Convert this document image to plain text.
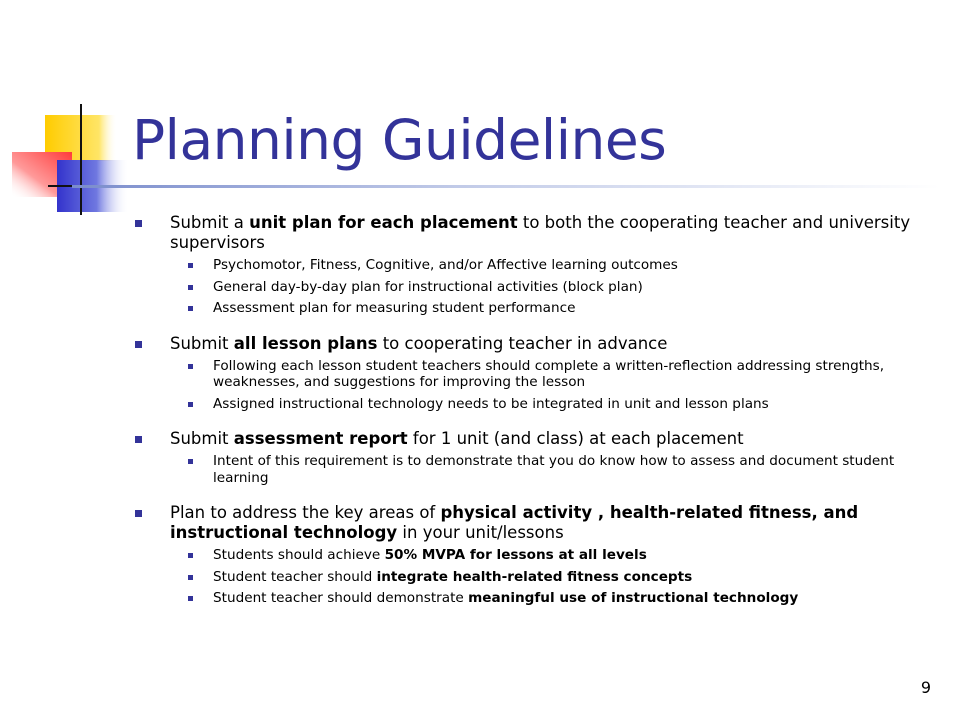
Planning Guidelines
Submit a unit plan for each placement to both the cooperating teacher and university supervisors
Psychomotor, Fitness, Cognitive, and/or Affective learning outcomes
General day-by-day plan for instructional activities (block plan)
Assessment plan for measuring student performance
Submit all lesson plans to cooperating teacher in advance
Following each lesson student teachers should complete a written-reflection addressing strengths, weaknesses, and suggestions for improving the lesson
Assigned instructional technology needs to be integrated in unit and lesson plans
Submit assessment report for 1 unit (and class) at each placement
Intent of this requirement is to demonstrate that you do know how to assess and document student learning
Plan to address the key areas of physical activity , health-related fitness, and instructional technology in your unit/lessons
Students should achieve 50% MVPA for lessons at all levels
Student teacher should integrate health-related fitness concepts
Student teacher should demonstrate meaningful use of instructional technology
9
